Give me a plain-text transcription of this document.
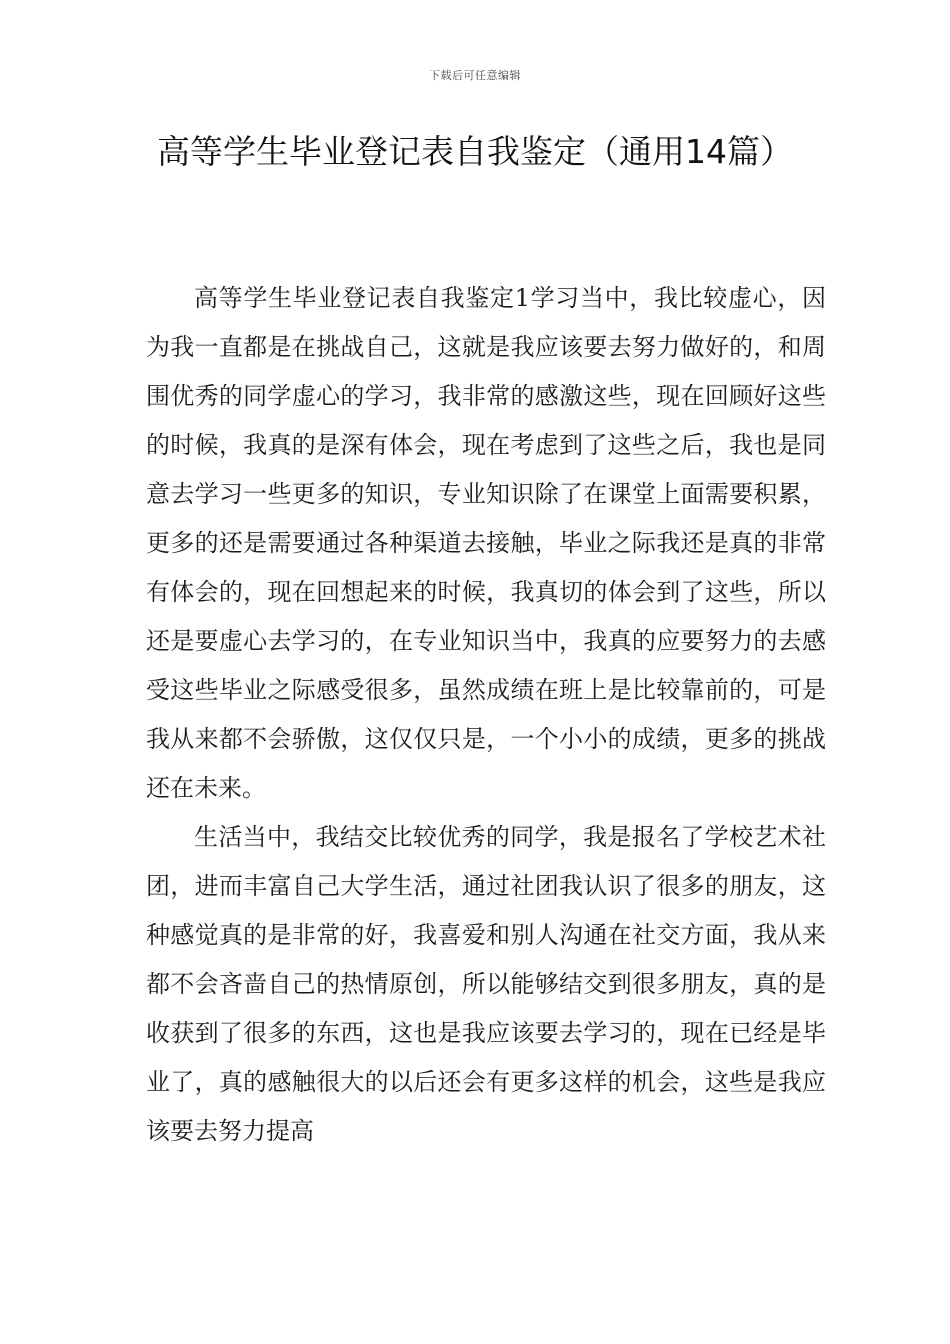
下载后可任意编辑
高等学生毕业登记表自我鉴定（通用14篇）

高等学生毕业登记表自我鉴定1学习当中，我比较虚心，因为我一直都是在挑战自己，这就是我应该要去努力做好的，和周围优秀的同学虚心的学习，我非常的感激这些，现在回顾好这些的时候，我真的是深有体会，现在考虑到了这些之后，我也是同意去学习一些更多的知识，专业知识除了在课堂上面需要积累，更多的还是需要通过各种渠道去接触，毕业之际我还是真的非常有体会的，现在回想起来的时候，我真切的体会到了这些，所以还是要虚心去学习的，在专业知识当中，我真的应要努力的去感受这些毕业之际感受很多，虽然成绩在班上是比较靠前的，可是我从来都不会骄傲，这仅仅只是，一个小小的成绩，更多的挑战还在未来。

生活当中，我结交比较优秀的同学，我是报名了学校艺术社团，进而丰富自己大学生活，通过社团我认识了很多的朋友，这种感觉真的是非常的好，我喜爱和别人沟通在社交方面，我从来都不会吝啬自己的热情原创，所以能够结交到很多朋友，真的是收获到了很多的东西，这也是我应该要去学习的，现在已经是毕业了，真的感触很大的以后还会有更多这样的机会，这些是我应该要去努力提高
